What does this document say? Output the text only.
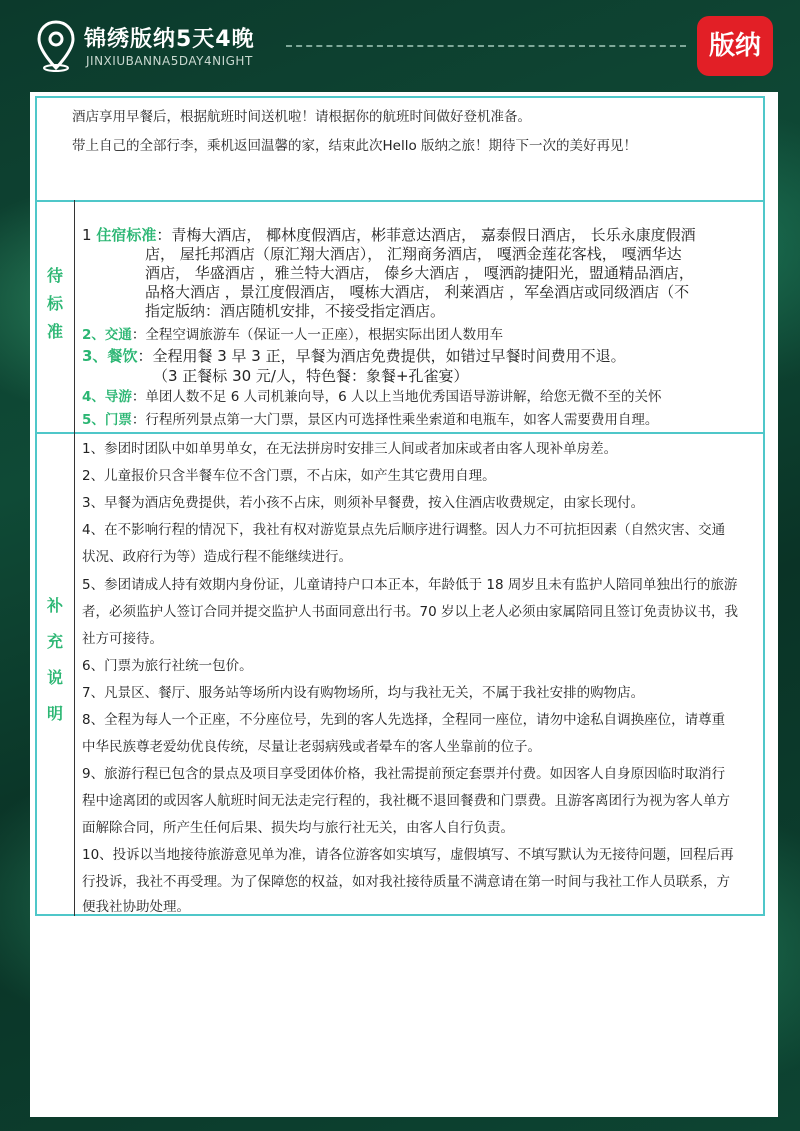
锦绣版纳5天4晚
JINXIUBANNA5DAY4NIGHT	版纳
酒店享用早餐后，根据航班时间送机啦！请根据你的航班时间做好登机准备。
带上自己的全部行李，乘机返回温馨的家，结束此次Hello 版纳之旅！期待下一次的美好再见！
待
标
准
1 住宿标准：青梅大酒店， 椰林度假酒店，彬菲意达酒店， 嘉泰假日酒店， 长乐永康度假酒
店， 屋托邦酒店（原汇翔大酒店）， 汇翔商务酒店， 嘎洒金莲花客栈， 嘎洒华达
酒店， 华盛酒店 ，雅兰特大酒店， 傣乡大酒店 ， 嘎洒韵捷阳光，盟通精品酒店，
品格大酒店 ，景江度假酒店， 嘎栋大酒店， 利莱酒店 ，军垒酒店或同级酒店（不
指定版纳：酒店随机安排，不接受指定酒店。
2、交通：全程空调旅游车（保证一人一正座），根据实际出团人数用车
3、餐饮：全程用餐 3 早 3 正，早餐为酒店免费提供，如错过早餐时间费用不退。
（3 正餐标 30 元/人，特色餐：象餐+孔雀宴）
4、导游：单团人数不足 6 人司机兼向导，6 人以上当地优秀国语导游讲解，给您无微不至的关怀
5、门票：行程所列景点第一大门票，景区内可选择性乘坐索道和电瓶车，如客人需要费用自理。
补
充
说
明
1、参团时团队中如单男单女，在无法拼房时安排三人间或者加床或者由客人现补单房差。
2、儿童报价只含半餐车位不含门票，不占床，如产生其它费用自理。
3、早餐为酒店免费提供，若小孩不占床，则须补早餐费，按入住酒店收费规定，由家长现付。
4、在不影响行程的情况下，我社有权对游览景点先后顺序进行调整。因人力不可抗拒因素（自然灾害、交通
状况、政府行为等）造成行程不能继续进行。
5、参团请成人持有效期内身份证，儿童请持户口本正本，年龄低于 18 周岁且未有监护人陪同单独出行的旅游
者，必须监护人签订合同并提交监护人书面同意出行书。70 岁以上老人必须由家属陪同且签订免责协议书，我
社方可接待。
6、门票为旅行社统一包价。
7、凡景区、餐厅、服务站等场所内设有购物场所，均与我社无关，不属于我社安排的购物店。
8、全程为每人一个正座，不分座位号，先到的客人先选择，全程同一座位，请勿中途私自调换座位，请尊重
中华民族尊老爱幼优良传统，尽量让老弱病残或者晕车的客人坐靠前的位子。
9、旅游行程已包含的景点及项目享受团体价格，我社需提前预定套票并付费。如因客人自身原因临时取消行
程中途离团的或因客人航班时间无法走完行程的，我社概不退回餐费和门票费。且游客离团行为视为客人单方
面解除合同，所产生任何后果、损失均与旅行社无关，由客人自行负责。
10、投诉以当地接待旅游意见单为准，请各位游客如实填写，虚假填写、不填写默认为无接待问题，回程后再
行投诉，我社不再受理。为了保障您的权益，如对我社接待质量不满意请在第一时间与我社工作人员联系，方
便我社协助处理。
